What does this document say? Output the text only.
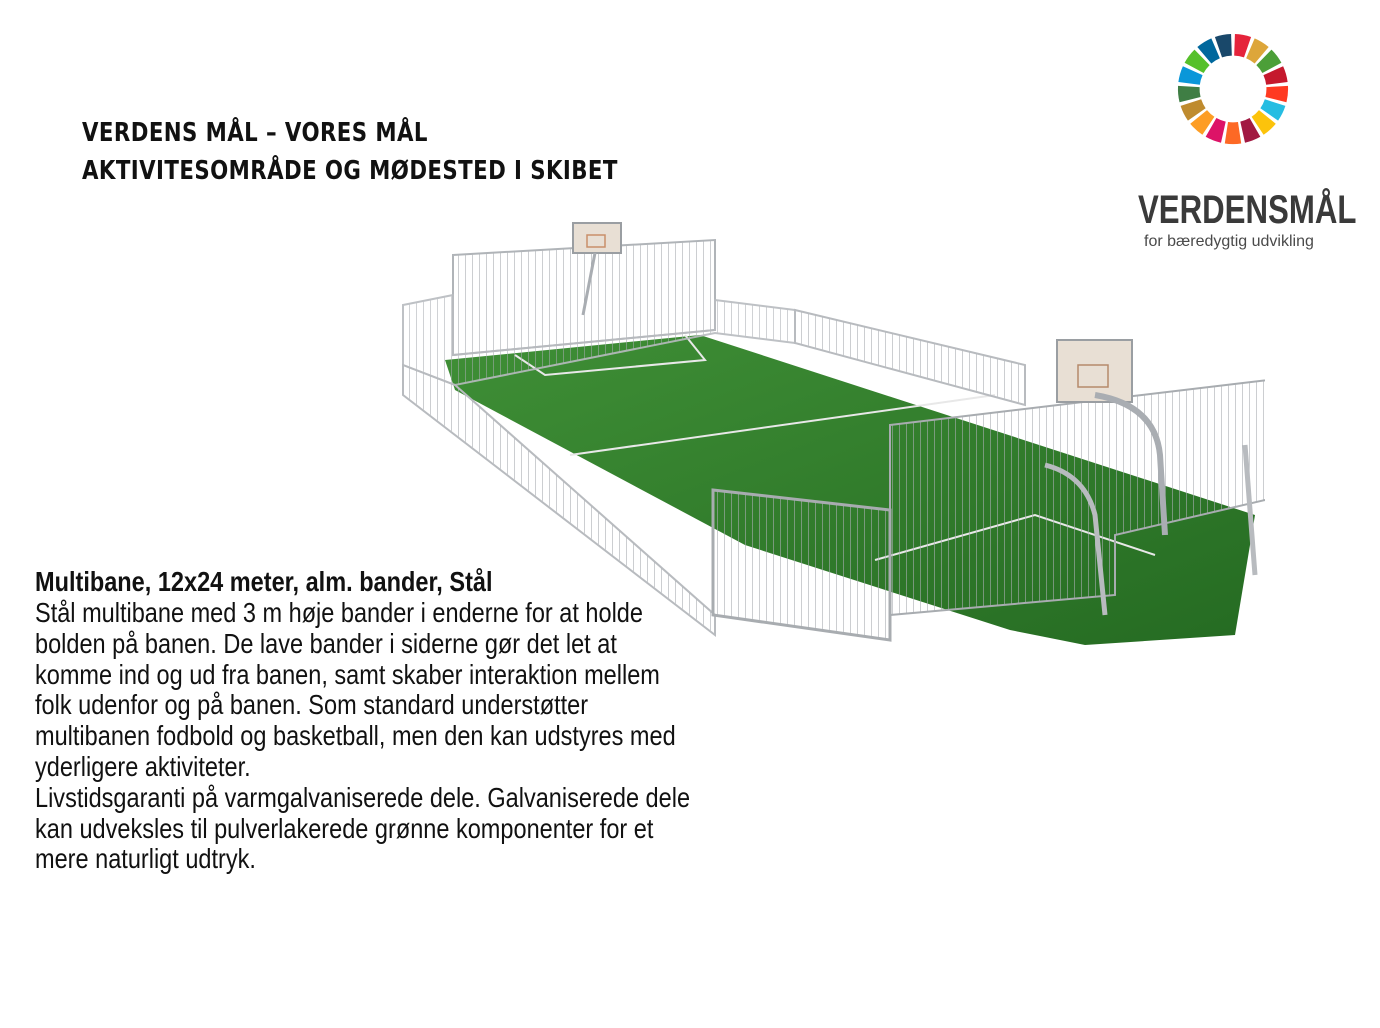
VERDENS MÅL – VORES MÅL
AKTIVITESOMRÅDE OG MØDESTED I SKIBET
VERDENSMÅL
for bæredygtig udvikling
Multibane, 12x24 meter, alm. bander, Stål
Stål multibane med 3 m høje bander i enderne for at holde
bolden på banen. De lave bander i siderne gør det let at
komme ind og ud fra banen, samt skaber interaktion mellem
folk udenfor og på banen. Som standard understøtter
multibanen fodbold og basketball, men den kan udstyres med
yderligere aktiviteter.
Livstidsgaranti på varmgalvaniserede dele. Galvaniserede dele
kan udveksles til pulverlakerede grønne komponenter for et
mere naturligt udtryk.
